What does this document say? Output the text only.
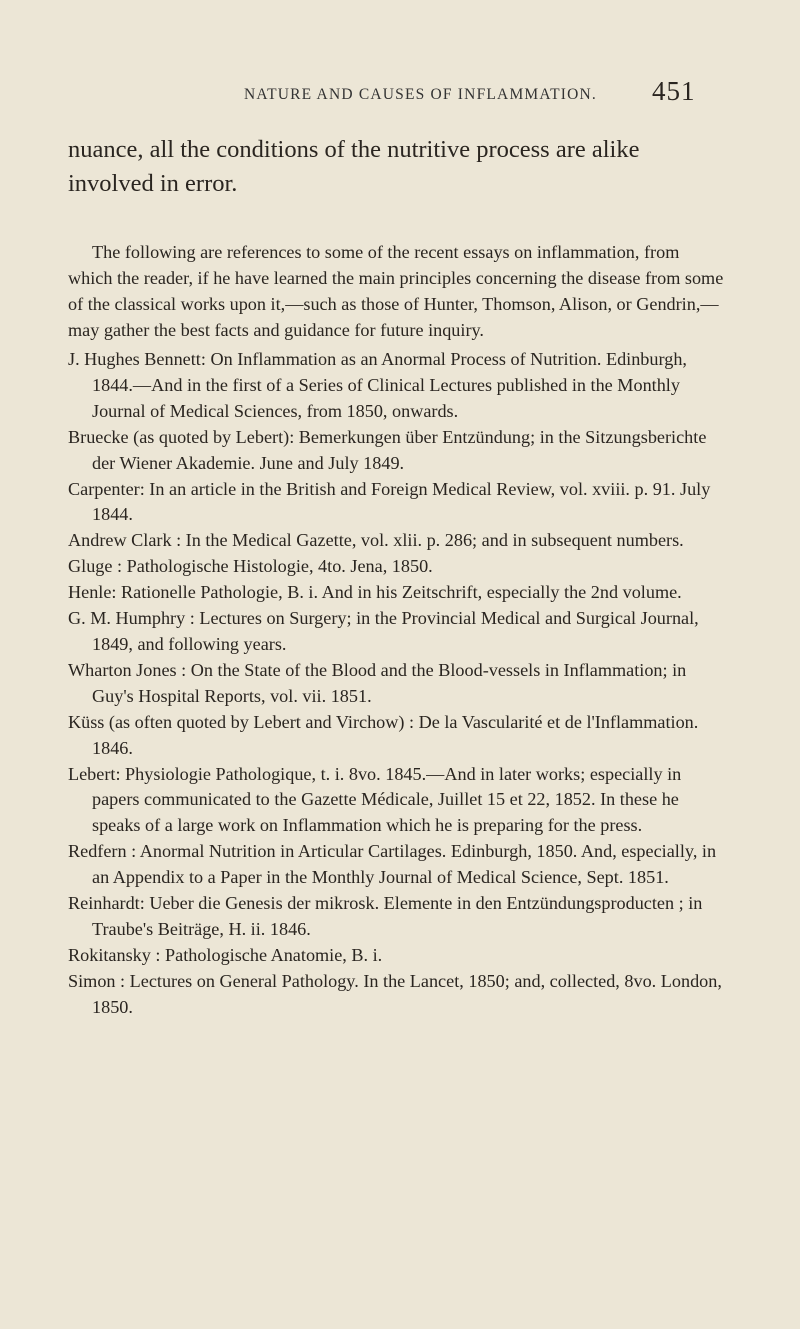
NATURE AND CAUSES OF INFLAMMATION.	451

nuance, all the conditions of the nutritive process are alike involved in error.

The following are references to some of the recent essays on inflammation, from which the reader, if he have learned the main principles concerning the disease from some of the classical works upon it,—such as those of Hunter, Thomson, Alison, or Gendrin,—may gather the best facts and guidance for future inquiry.

J. Hughes Bennett: On Inflammation as an Anormal Process of Nutrition. Edinburgh, 1844.—And in the first of a Series of Clinical Lectures published in the Monthly Journal of Medical Sciences, from 1850, onwards.
Bruecke (as quoted by Lebert): Bemerkungen über Entzündung; in the Sitzungsberichte der Wiener Akademie. June and July 1849.
Carpenter: In an article in the British and Foreign Medical Review, vol. xviii. p. 91. July 1844.
Andrew Clark : In the Medical Gazette, vol. xlii. p. 286; and in subsequent numbers.
Gluge : Pathologische Histologie, 4to. Jena, 1850.
Henle: Rationelle Pathologie, B. i. And in his Zeitschrift, especially the 2nd volume.
G. M. Humphry : Lectures on Surgery; in the Provincial Medical and Surgical Journal, 1849, and following years.
Wharton Jones : On the State of the Blood and the Blood-vessels in Inflammation; in Guy's Hospital Reports, vol. vii. 1851.
Küss (as often quoted by Lebert and Virchow) : De la Vascularité et de l'Inflammation. 1846.
Lebert: Physiologie Pathologique, t. i. 8vo. 1845.—And in later works; especially in papers communicated to the Gazette Médicale, Juillet 15 et 22, 1852. In these he speaks of a large work on Inflammation which he is preparing for the press.
Redfern : Anormal Nutrition in Articular Cartilages. Edinburgh, 1850. And, especially, in an Appendix to a Paper in the Monthly Journal of Medical Science, Sept. 1851.
Reinhardt: Ueber die Genesis der mikrosk. Elemente in den Entzündungsproducten ; in Traube's Beiträge, H. ii. 1846.
Rokitansky : Pathologische Anatomie, B. i.
Simon : Lectures on General Pathology. In the Lancet, 1850; and, collected, 8vo. London, 1850.
